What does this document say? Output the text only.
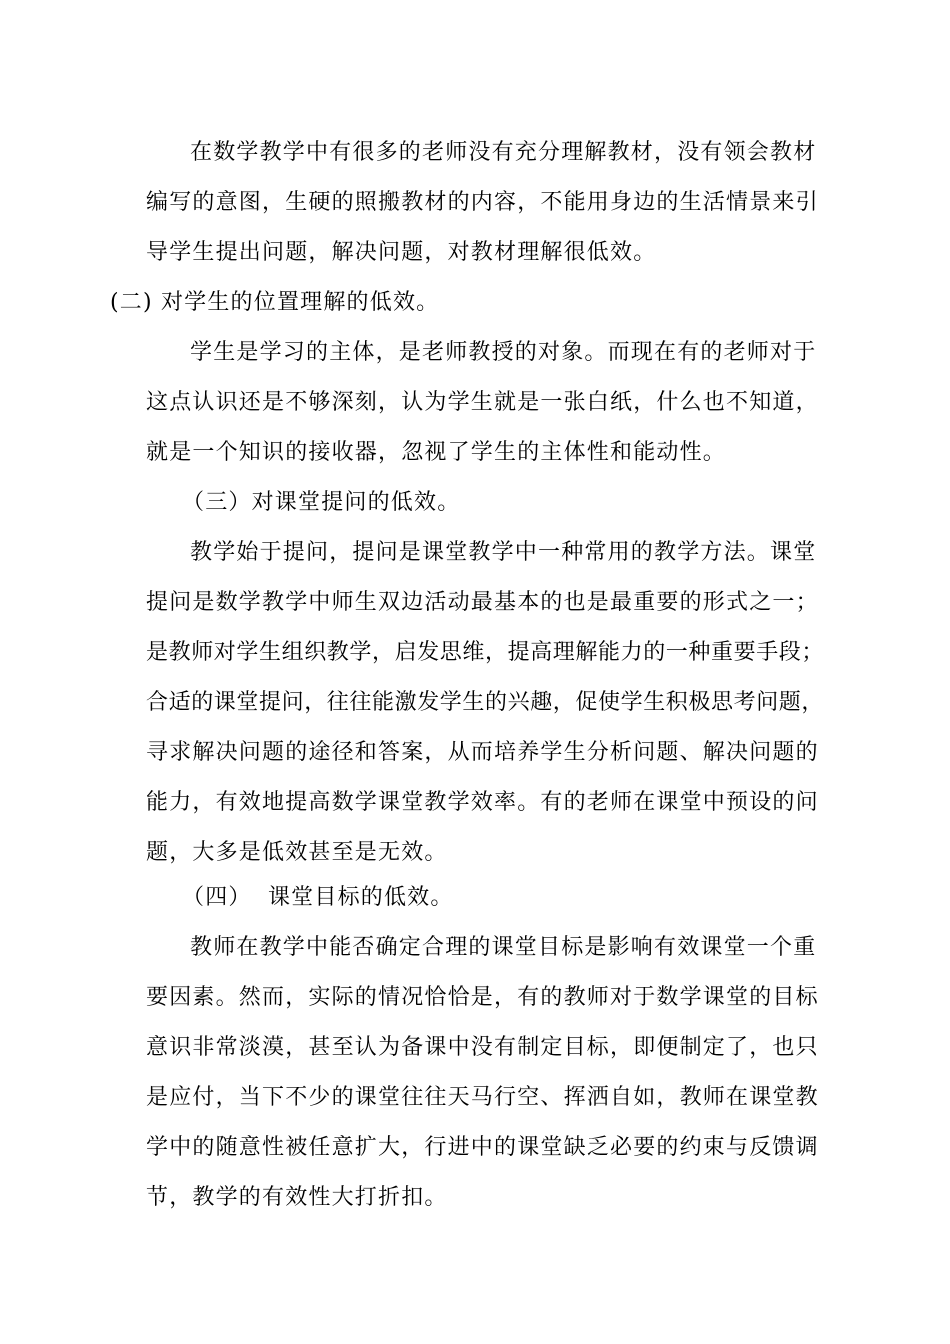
在数学教学中有很多的老师没有充分理解教材，没有领会教材
编写的意图，生硬的照搬教材的内容，不能用身边的生活情景来引
导学生提出问题，解决问题，对教材理解很低效。
(二) 对学生的位置理解的低效。
学生是学习的主体，是老师教授的对象。而现在有的老师对于
这点认识还是不够深刻，认为学生就是一张白纸，什么也不知道，
就是一个知识的接收器，忽视了学生的主体性和能动性。
（三）对课堂提问的低效。
教学始于提问，提问是课堂教学中一种常用的教学方法。课堂
提问是数学教学中师生双边活动最基本的也是最重要的形式之一；
是教师对学生组织教学，启发思维，提高理解能力的一种重要手段；
合适的课堂提问，往往能激发学生的兴趣，促使学生积极思考问题，
寻求解决问题的途径和答案，从而培养学生分析问题、解决问题的
能力，有效地提高数学课堂教学效率。有的老师在课堂中预设的问
题，大多是低效甚至是无效。
（四）  课堂目标的低效。
教师在教学中能否确定合理的课堂目标是影响有效课堂一个重
要因素。然而，实际的情况恰恰是，有的教师对于数学课堂的目标
意识非常淡漠，甚至认为备课中没有制定目标，即便制定了，也只
是应付，当下不少的课堂往往天马行空、挥洒自如，教师在课堂教
学中的随意性被任意扩大，行进中的课堂缺乏必要的约束与反馈调
节，教学的有效性大打折扣。
